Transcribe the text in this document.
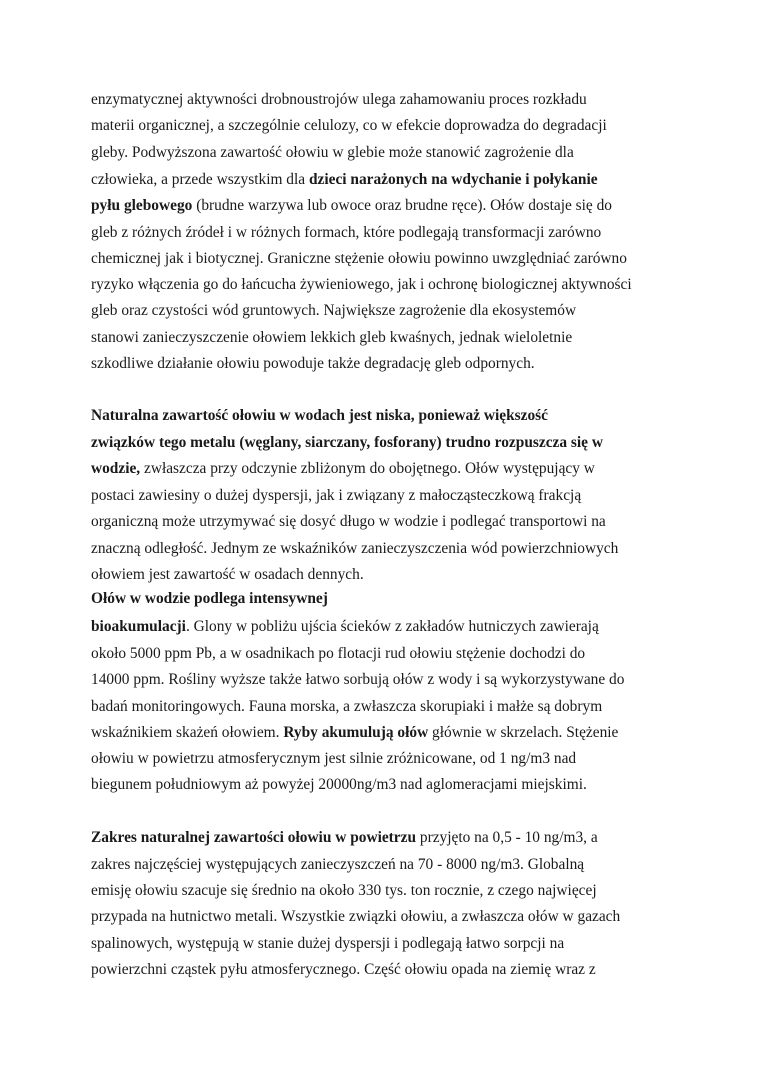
enzymatycznej aktywności drobnoustrojów ulega zahamowaniu proces rozkładu

materii organicznej, a szczególnie celulozy, co w efekcie doprowadza do degradacji

gleby. Podwyższona zawartość ołowiu w glebie może stanowić zagrożenie dla

człowieka, a przede wszystkim dla dzieci narażonych na wdychanie i połykanie

pyłu glebowego (brudne warzywa lub owoce oraz brudne ręce). Ołów dostaje się do

gleb z różnych źródeł i w różnych formach, które podlegają transformacji zarówno

chemicznej jak i biotycznej. Graniczne stężenie ołowiu powinno uwzględniać zarówno

ryzyko włączenia go do łańcucha żywieniowego, jak i ochronę biologicznej aktywności

gleb oraz czystości wód gruntowych. Największe zagrożenie dla ekosystemów

stanowi zanieczyszczenie ołowiem lekkich gleb kwaśnych, jednak wieloletnie

szkodliwe działanie ołowiu powoduje także degradację gleb odpornych.

Naturalna zawartość ołowiu w wodach jest niska, ponieważ większość

związków tego metalu (węglany, siarczany, fosforany) trudno rozpuszcza się w

wodzie, zwłaszcza przy odczynie zbliżonym do obojętnego. Ołów występujący w

postaci zawiesiny o dużej dyspersji, jak i związany z małocząsteczkową frakcją

organiczną może utrzymywać się dosyć długo w wodzie i podlegać transportowi na

znaczną odległość. Jednym ze wskaźników zanieczyszczenia wód powierzchniowych

ołowiem jest zawartość w osadach dennych.

Ołów w wodzie podlega intensywnej

bioakumulacji. Glony w pobliżu ujścia ścieków z zakładów hutniczych zawierają

około 5000 ppm Pb, a w osadnikach po flotacji rud ołowiu stężenie dochodzi do

14000 ppm. Rośliny wyższe także łatwo sorbują ołów z wody i są wykorzystywane do

badań monitoringowych. Fauna morska, a zwłaszcza skorupiaki i małże są dobrym

wskaźnikiem skażeń ołowiem. Ryby akumulują ołów głównie w skrzelach. Stężenie

ołowiu w powietrzu atmosferycznym jest silnie zróżnicowane, od 1 ng/m3 nad

biegunem południowym aż powyżej 20000ng/m3 nad aglomeracjami miejskimi.

Zakres naturalnej zawartości ołowiu w powietrzu przyjęto na 0,5 - 10 ng/m3, a

zakres najczęściej występujących zanieczyszczeń na 70 - 8000 ng/m3. Globalną

emisję ołowiu szacuje się średnio na około 330 tys. ton rocznie, z czego najwięcej

przypada na hutnictwo metali. Wszystkie związki ołowiu, a zwłaszcza ołów w gazach

spalinowych, występują w stanie dużej dyspersji i podlegają łatwo sorpcji na

powierzchni cząstek pyłu atmosferycznego. Część ołowiu opada na ziemię wraz z
